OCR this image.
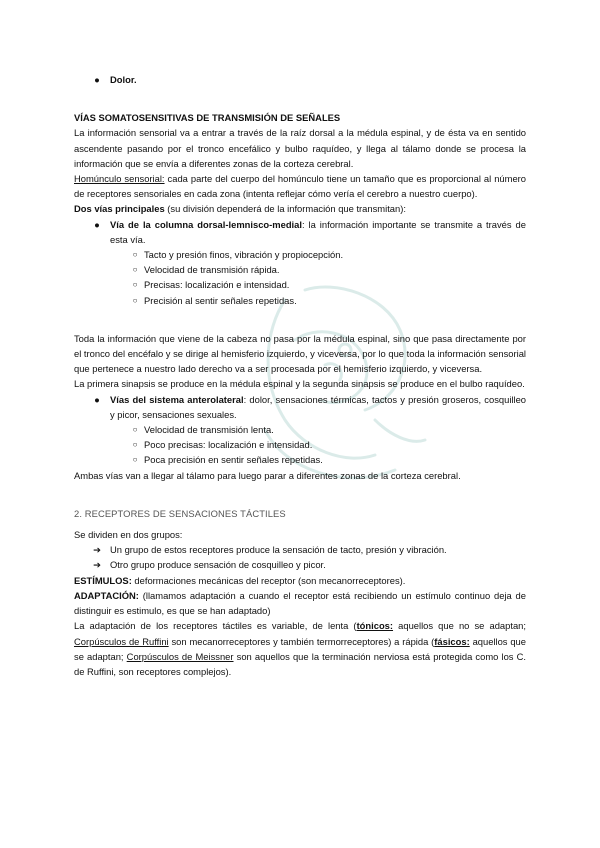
●	Dolor.

VÍAS SOMATOSENSITIVAS DE TRANSMISIÓN DE SEÑALES

La información sensorial va a entrar a través de la raíz dorsal a la médula espinal, y de ésta va en sentido ascendente pasando por el tronco encefálico y bulbo raquídeo, y llega al tálamo donde se procesa la información que se envía a diferentes zonas de la corteza cerebral.

Homúnculo sensorial: cada parte del cuerpo del homúnculo tiene un tamaño que es proporcional al número de receptores sensoriales en cada zona (intenta reflejar cómo vería el cerebro a nuestro cuerpo).

Dos vías principales (su división dependerá de la información que transmitan):

●	Vía de la columna dorsal-lemnisco-medial: la información importante se transmite a través de esta vía.
○ Tacto y presión finos, vibración y propiocepción.
○ Velocidad de transmisión rápida.
○ Precisas: localización e intensidad.
○ Precisión al sentir señales repetidas.

Toda la información que viene de la cabeza no pasa por la médula espinal, sino que pasa directamente por el tronco del encéfalo y se dirige al hemisferio izquierdo, y viceversa, por lo que toda la información sensorial que pertenece a nuestro lado derecho va a ser procesada por el hemisferio izquierdo, y viceversa.

La primera sinapsis se produce en la médula espinal y la segunda sinapsis se produce en el bulbo raquídeo.

●	Vías del sistema anterolateral: dolor, sensaciones térmicas, tactos y presión groseros, cosquilleo y picor, sensaciones sexuales.
○ Velocidad de transmisión lenta.
○ Poco precisas: localización e intensidad.
○ Poca precisión en sentir señales repetidas.

Ambas vías van a llegar al tálamo para luego parar a diferentes zonas de la corteza cerebral.

2. RECEPTORES DE SENSACIONES TÁCTILES

Se dividen en dos grupos:

➔ Un grupo de estos receptores produce la sensación de tacto, presión y vibración.
➔ Otro grupo produce sensación de cosquilleo y picor.

ESTÍMULOS: deformaciones mecánicas del receptor (son mecanorreceptores).

ADAPTACIÓN: (llamamos adaptación a cuando el receptor está recibiendo un estímulo continuo deja de distinguir es estimulo, es que se han adaptado)

La adaptación de los receptores táctiles es variable, de lenta (tónicos: aquellos que no se adaptan; Corpúsculos de Ruffini son mecanorreceptores y también termorreceptores) a rápida (fásicos: aquellos que se adaptan; Corpúsculos de Meissner son aquellos que la terminación nerviosa está protegida como los C. de Ruffini, son receptores complejos).
